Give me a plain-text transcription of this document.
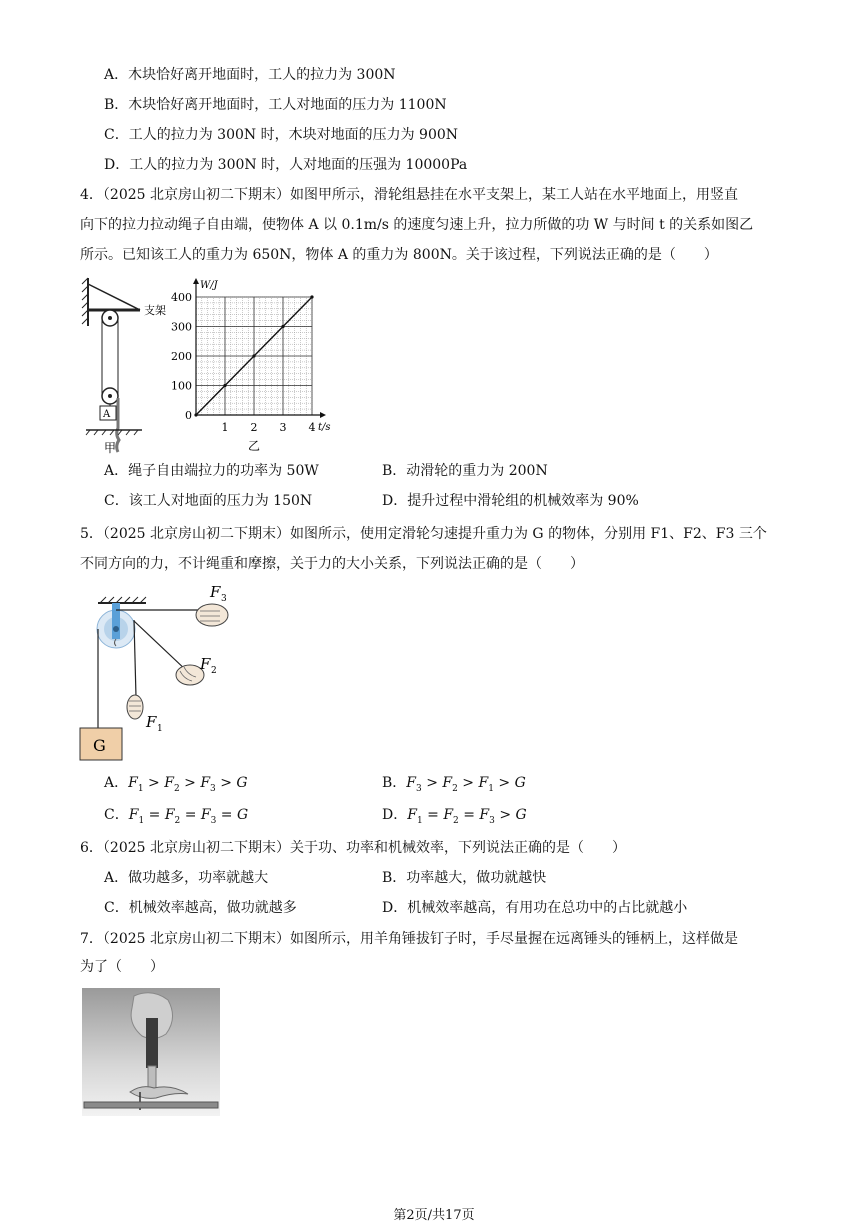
A．木块恰好离开地面时，工人的拉力为 300N
B．木块恰好离开地面时，工人对地面的压力为 1100N
C．工人的拉力为 300N 时，木块对地面的压力为 900N
D．工人的拉力为 300N 时，人对地面的压强为 10000Pa
4．（2025 北京房山初二下期末）如图甲所示，滑轮组悬挂在水平支架上，某工人站在水平地面上，用竖直
向下的拉力拉动绳子自由端，使物体 A 以 0.1m/s 的速度匀速上升，拉力所做的功 W 与时间 t 的关系如图乙
所示。已知该工人的重力为 650N，物体 A 的重力为 800N。关于该过程，下列说法正确的是（　　）
支架
A
甲
400
300
200
100
0
1 2 3 4
W/J
t/s
乙
A．绳子自由端拉力的功率为 50W	B．动滑轮的重力为 200N
C．该工人对地面的压力为 150N	D．提升过程中滑轮组的机械效率为 90%
5．（2025 北京房山初二下期末）如图所示，使用定滑轮匀速提升重力为 G 的物体，分别用 F1、F2、F3 三个
不同方向的力，不计绳重和摩擦，关于力的大小关系，下列说法正确的是（　　）
G
F 1
F 2
F 3
A．$F_1 > F_2 > F_3 > G$	B．$F_3 > F_2 > F_1 > G$
C．$F_1 = F_2 = F_3 = G$	D．$F_1 = F_2 = F_3 > G$
6．（2025 北京房山初二下期末）关于功、功率和机械效率，下列说法正确的是（　　）
A．做功越多，功率就越大	B．功率越大，做功就越快
C．机械效率越高，做功就越多	D．机械效率越高，有用功在总功中的占比就越小
7．（2025 北京房山初二下期末）如图所示，用羊角锤拔钉子时，手尽量握在远离锤头的锤柄上，这样做是
为了（　　）
第2页/共17页
